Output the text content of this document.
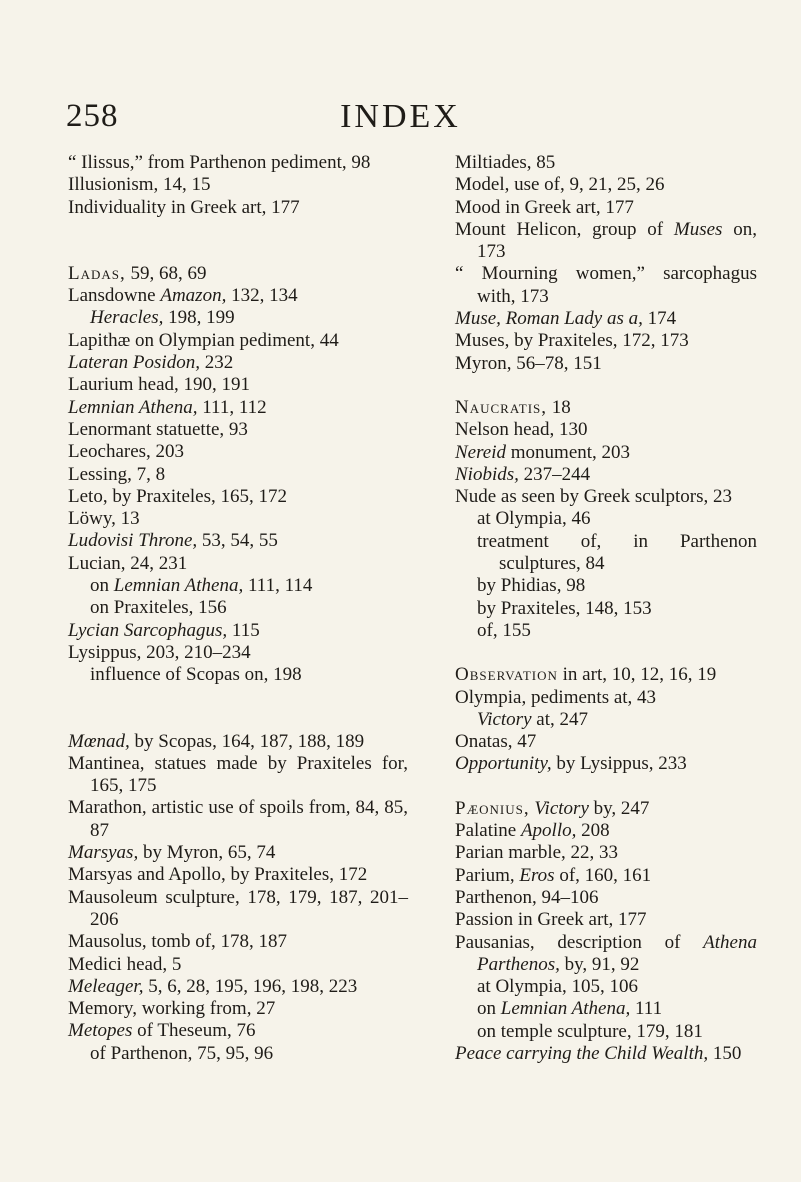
258	INDEX
“ Ilissus,” from Parthenon pediment, 98
Illusionism, 14, 15
Individuality in Greek art, 177
Ladas, 59, 68, 69
Lansdowne Amazon, 132, 134
Heracles, 198, 199
Lapithæ on Olympian pediment, 44
Lateran Posidon, 232
Laurium head, 190, 191
Lemnian Athena, 111, 112
Lenormant statuette, 93
Leochares, 203
Lessing, 7, 8
Leto, by Praxiteles, 165, 172
Löwy, 13
Ludovisi Throne, 53, 54, 55
Lucian, 24, 231
on Lemnian Athena, 111, 114
on Praxiteles, 156
Lycian Sarcophagus, 115
Lysippus, 203, 210–234
influence of Scopas on, 198
Mœnad, by Scopas, 164, 187, 188, 189
Mantinea, statues made by Praxiteles for, 165, 175
Marathon, artistic use of spoils from, 84, 85, 87
Marsyas, by Myron, 65, 74
Marsyas and Apollo, by Praxiteles, 172
Mausoleum sculpture, 178, 179, 187, 201–206
Mausolus, tomb of, 178, 187
Medici head, 5
Meleager, 5, 6, 28, 195, 196, 198, 223
Memory, working from, 27
Metopes of Theseum, 76
of Parthenon, 75, 95, 96
Miltiades, 85
Model, use of, 9, 21, 25, 26
Mood in Greek art, 177
Mount Helicon, group of Muses on, 173
“ Mourning women,” sarcophagus with, 173
Muse, Roman Lady as a, 174
Muses, by Praxiteles, 172, 173
Myron, 56–78, 151
Naucratis, 18
Nelson head, 130
Nereid monument, 203
Niobids, 237–244
Nude as seen by Greek sculptors, 23
at Olympia, 46
treatment of, in Parthenon sculptures, 84
by Phidias, 98
by Praxiteles, 148, 153
of, 155
Observation in art, 10, 12, 16, 19
Olympia, pediments at, 43
Victory at, 247
Onatas, 47
Opportunity, by Lysippus, 233
Pæonius, Victory by, 247
Palatine Apollo, 208
Parian marble, 22, 33
Parium, Eros of, 160, 161
Parthenon, 94–106
Passion in Greek art, 177
Pausanias, description of Athena Parthenos, by, 91, 92
at Olympia, 105, 106
on Lemnian Athena, 111
on temple sculpture, 179, 181
Peace carrying the Child Wealth, 150
